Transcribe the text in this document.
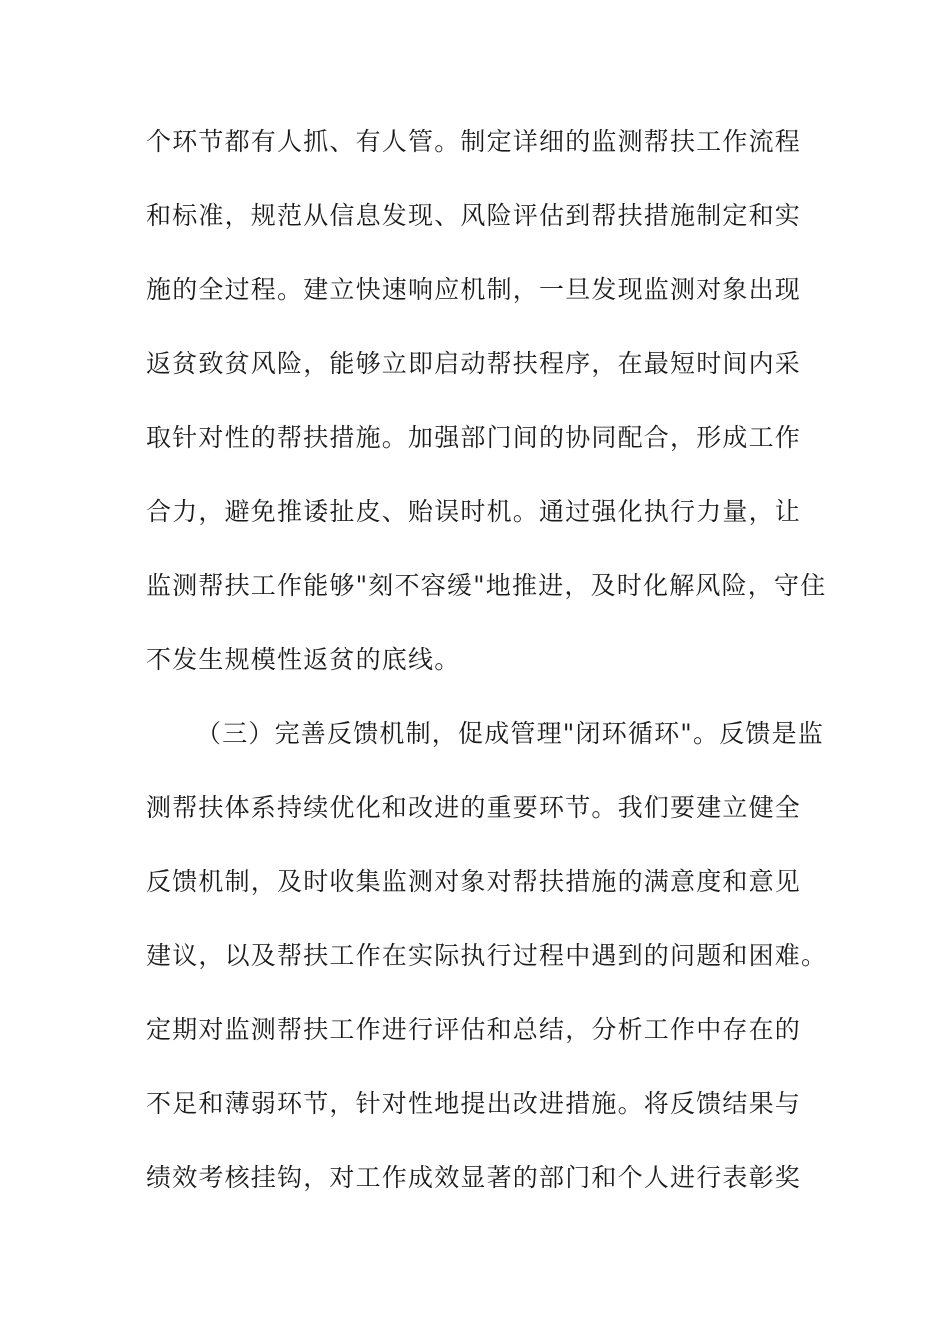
个环节都有人抓、有人管。制定详细的监测帮扶工作流程
和标准，规范从信息发现、风险评估到帮扶措施制定和实
施的全过程。建立快速响应机制，一旦发现监测对象出现
返贫致贫风险，能够立即启动帮扶程序，在最短时间内采
取针对性的帮扶措施。加强部门间的协同配合，形成工作
合力，避免推诿扯皮、贻误时机。通过强化执行力量，让
监测帮扶工作能够"刻不容缓"地推进，及时化解风险，守住
不发生规模性返贫的底线。
（三）完善反馈机制，促成管理"闭环循环"。反馈是监
测帮扶体系持续优化和改进的重要环节。我们要建立健全
反馈机制，及时收集监测对象对帮扶措施的满意度和意见
建议，以及帮扶工作在实际执行过程中遇到的问题和困难。
定期对监测帮扶工作进行评估和总结，分析工作中存在的
不足和薄弱环节，针对性地提出改进措施。将反馈结果与
绩效考核挂钩，对工作成效显著的部门和个人进行表彰奖
